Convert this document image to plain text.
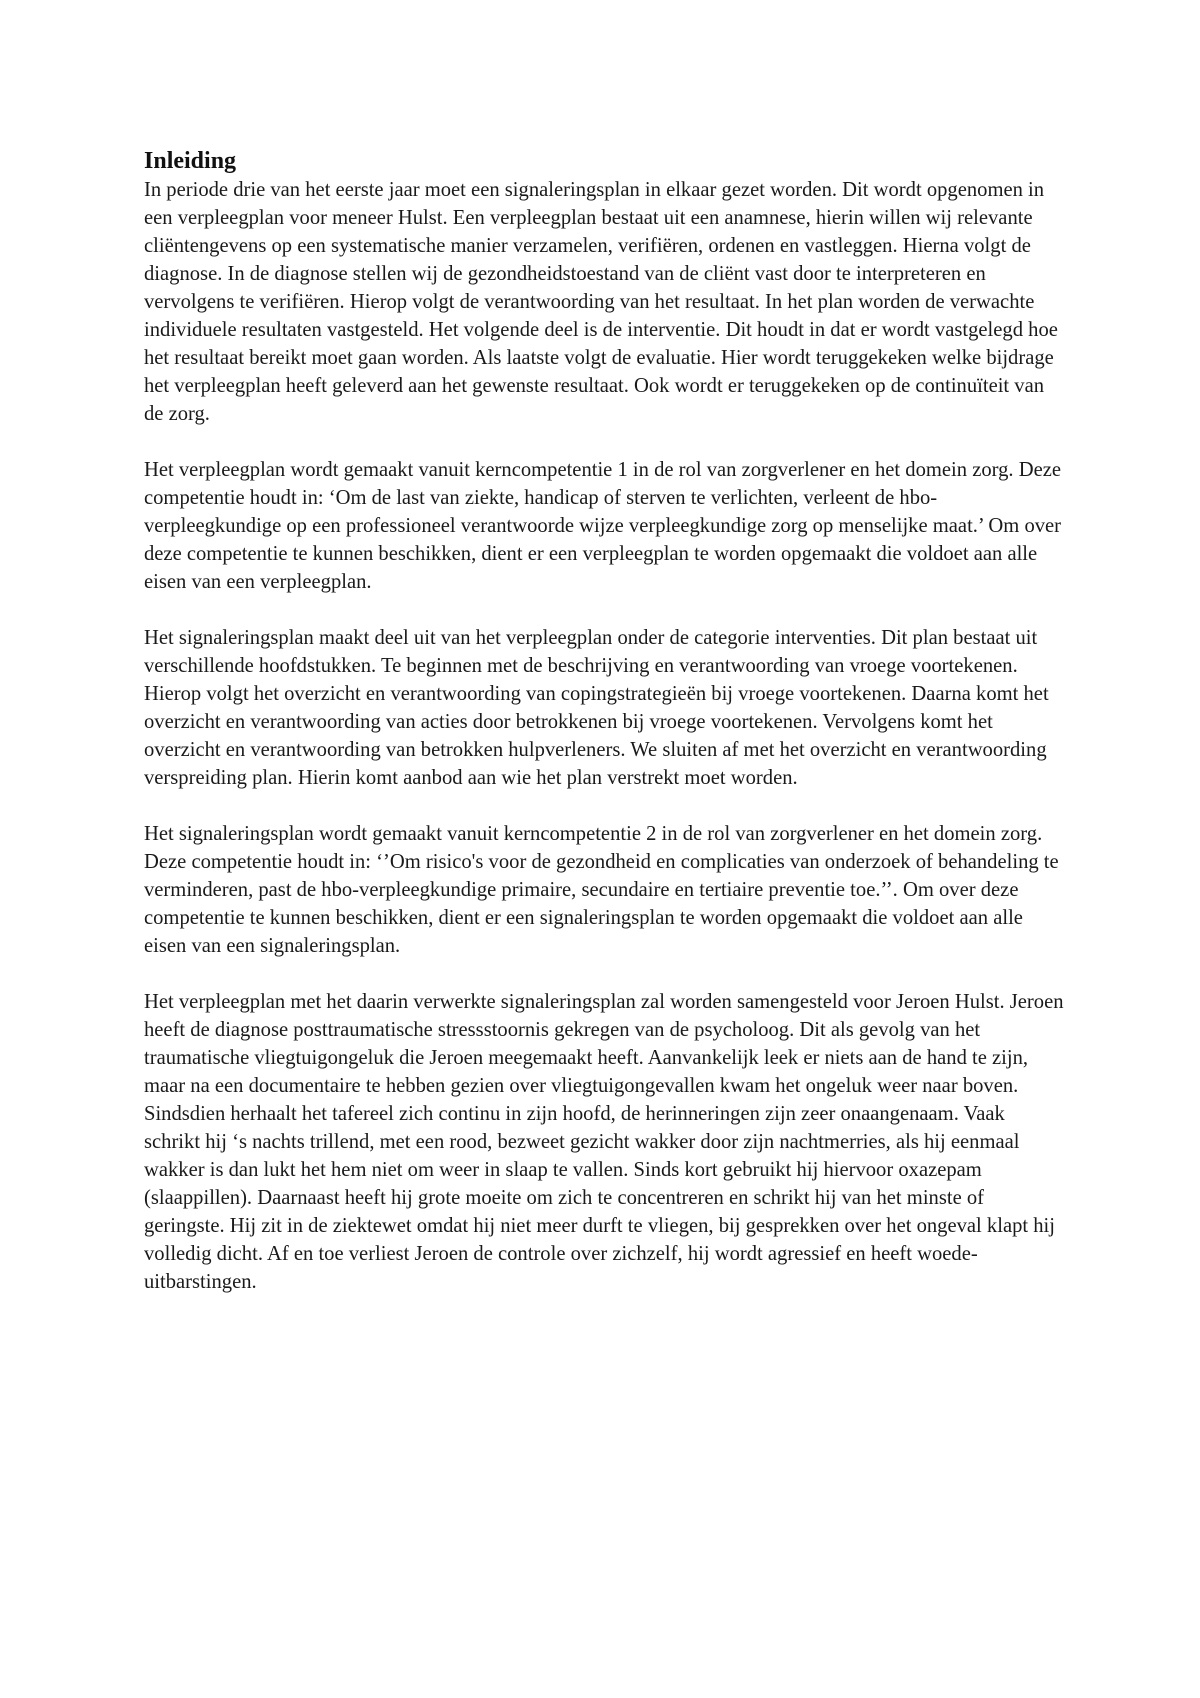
Inleiding

In periode drie van het eerste jaar moet een signaleringsplan in elkaar gezet worden. Dit wordt opgenomen in een verpleegplan voor meneer Hulst. Een verpleegplan bestaat uit een anamnese, hierin willen wij relevante cliëntengevens op een systematische manier verzamelen, verifiëren, ordenen en vastleggen. Hierna volgt de diagnose. In de diagnose stellen wij de gezondheidstoestand van de cliënt vast door te interpreteren en vervolgens te verifiëren. Hierop volgt de verantwoording van het resultaat. In het plan worden de verwachte individuele resultaten vastgesteld. Het volgende deel is de interventie. Dit houdt in dat er wordt vastgelegd hoe het resultaat bereikt moet gaan worden. Als laatste volgt de evaluatie. Hier wordt teruggekeken welke bijdrage het verpleegplan heeft geleverd aan het gewenste resultaat. Ook wordt er teruggekeken op de continuïteit van de zorg.

Het verpleegplan wordt gemaakt vanuit kerncompetentie 1 in de rol van zorgverlener en het domein zorg. Deze competentie houdt in: ‘Om de last van ziekte, handicap of sterven te verlichten, verleent de hbo-verpleegkundige op een professioneel verantwoorde wijze verpleegkundige zorg op menselijke maat.’ Om over deze competentie te kunnen beschikken, dient er een verpleegplan te worden opgemaakt die voldoet aan alle eisen van een verpleegplan.

Het signaleringsplan maakt deel uit van het verpleegplan onder de categorie interventies. Dit plan bestaat uit verschillende hoofdstukken. Te beginnen met de beschrijving en verantwoording van vroege voortekenen. Hierop volgt het overzicht en verantwoording van copingstrategieën bij vroege voortekenen. Daarna komt het overzicht en verantwoording van acties door betrokkenen bij vroege voortekenen. Vervolgens komt het overzicht en verantwoording van betrokken hulpverleners. We sluiten af met het overzicht en verantwoording verspreiding plan. Hierin komt aanbod aan wie het plan verstrekt moet worden.

Het signaleringsplan wordt gemaakt vanuit kerncompetentie 2 in de rol van zorgverlener en het domein zorg. Deze competentie houdt in: ‘’Om risico's voor de gezondheid en complicaties van onderzoek of behandeling te verminderen, past de hbo-verpleegkundige primaire, secundaire en tertiaire preventie toe.’’. Om over deze competentie te kunnen beschikken, dient er een signaleringsplan te worden opgemaakt die voldoet aan alle eisen van een signaleringsplan.

Het verpleegplan met het daarin verwerkte signaleringsplan zal worden samengesteld voor Jeroen Hulst. Jeroen heeft de diagnose posttraumatische stressstoornis gekregen van de psycholoog. Dit als gevolg van het traumatische vliegtuigongeluk die Jeroen meegemaakt heeft. Aanvankelijk leek er niets aan de hand te zijn, maar na een documentaire te hebben gezien over vliegtuigongevallen kwam het ongeluk weer naar boven. Sindsdien herhaalt het tafereel zich continu in zijn hoofd, de herinneringen zijn zeer onaangenaam. Vaak schrikt hij ‘s nachts trillend, met een rood, bezweet gezicht wakker door zijn nachtmerries, als hij eenmaal wakker is dan lukt het hem niet om weer in slaap te vallen. Sinds kort gebruikt hij hiervoor oxazepam (slaappillen). Daarnaast heeft hij grote moeite om zich te concentreren en schrikt hij van het minste of geringste. Hij zit in de ziektewet omdat hij niet meer durft te vliegen, bij gesprekken over het ongeval klapt hij volledig dicht. Af en toe verliest Jeroen de controle over zichzelf, hij wordt agressief en heeft woede-uitbarstingen.
